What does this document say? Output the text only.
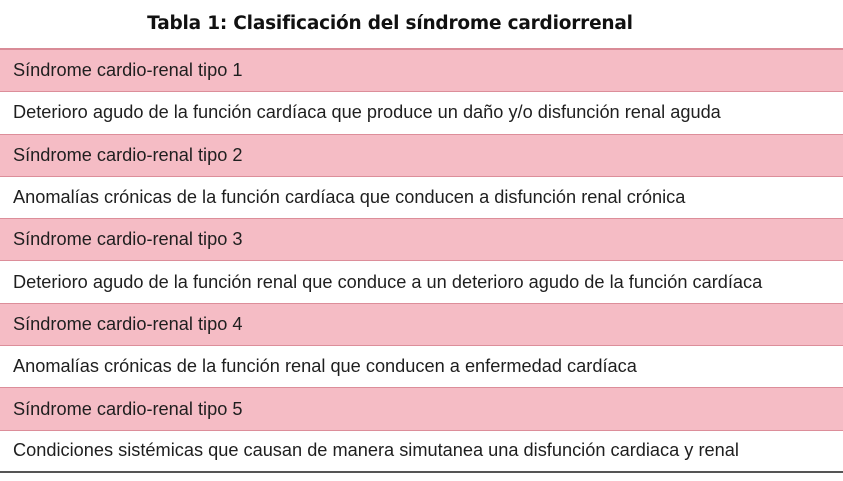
Tabla 1: Clasificación del síndrome cardiorrenal
Síndrome cardio-renal tipo 1
Deterioro agudo de la función cardíaca que produce un daño y/o disfunción renal aguda
Síndrome cardio-renal tipo 2
Anomalías crónicas de la función cardíaca que conducen a disfunción renal crónica
Síndrome cardio-renal tipo 3
Deterioro agudo de la función renal que conduce a un deterioro agudo de la función cardíaca
Síndrome cardio-renal tipo 4
Anomalías crónicas de la función renal que conducen a enfermedad cardíaca
Síndrome cardio-renal tipo 5
Condiciones sistémicas que causan de manera simutanea una disfunción cardiaca y renal
